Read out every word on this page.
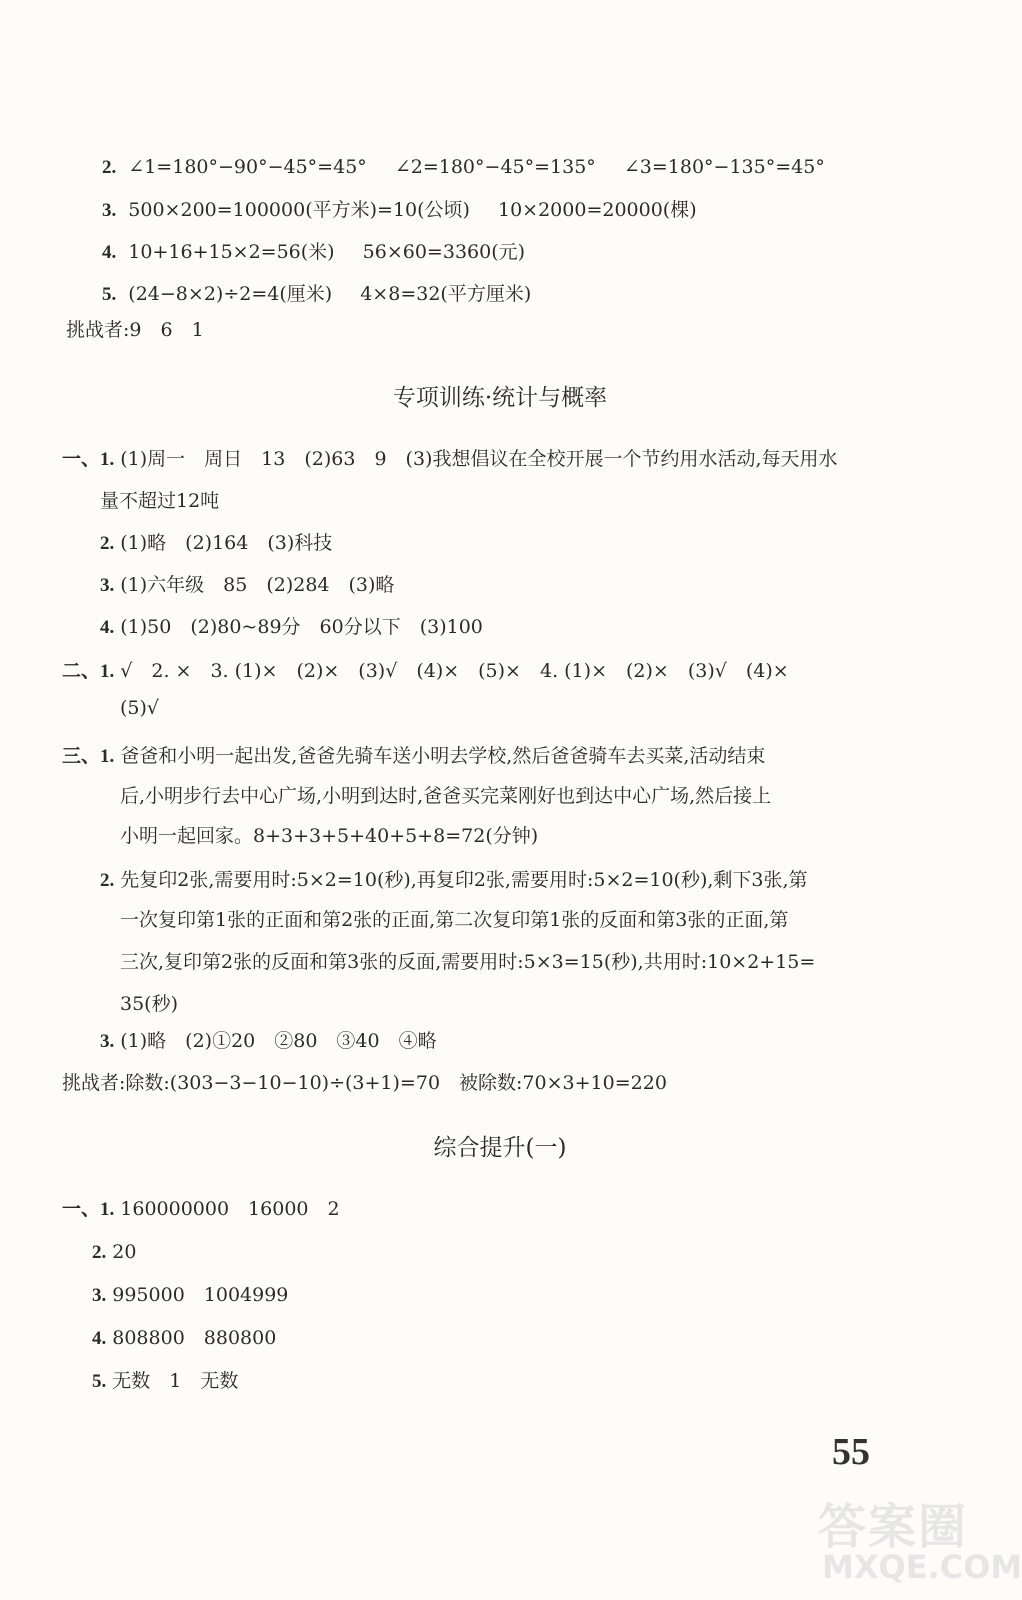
2. ∠1=180°−90°−45°=45° ∠2=180°−45°=135° ∠3=180°−135°=45°
3. 500×200=100000(平方米)=10(公顷) 10×2000=20000(棵)
4. 10+16+15×2=56(米) 56×60=3360(元)
5. (24−8×2)÷2=4(厘米) 4×8=32(平方厘米)
挑战者:9　6　1
专项训练·统计与概率
一、1. (1)周一　周日　13　(2)63　9　(3)我想倡议在全校开展一个节约用水活动,每天用水
量不超过12吨
2. (1)略　(2)164　(3)科技
3. (1)六年级　85　(2)284　(3)略
4. (1)50　(2)80~89分　60分以下　(3)100
二、1. √　2. ×　3. (1)×　(2)×　(3)√　(4)×　(5)×　4. (1)×　(2)×　(3)√　(4)×
(5)√
三、1. 爸爸和小明一起出发,爸爸先骑车送小明去学校,然后爸爸骑车去买菜,活动结束
后,小明步行去中心广场,小明到达时,爸爸买完菜刚好也到达中心广场,然后接上
小明一起回家。8+3+3+5+40+5+8=72(分钟)
2. 先复印2张,需要用时:5×2=10(秒),再复印2张,需要用时:5×2=10(秒),剩下3张,第
一次复印第1张的正面和第2张的正面,第二次复印第1张的反面和第3张的正面,第
三次,复印第2张的反面和第3张的反面,需要用时:5×3=15(秒),共用时:10×2+15=
35(秒)
3. (1)略　(2)①20　②80　③40　④略
挑战者:除数:(303−3−10−10)÷(3+1)=70　被除数:70×3+10=220
综合提升(一)
一、1. 160000000　16000　2
2. 20
3. 995000　1004999
4. 808800　880800
5. 无数　1　无数
55
答案圈
MXQE.COM
